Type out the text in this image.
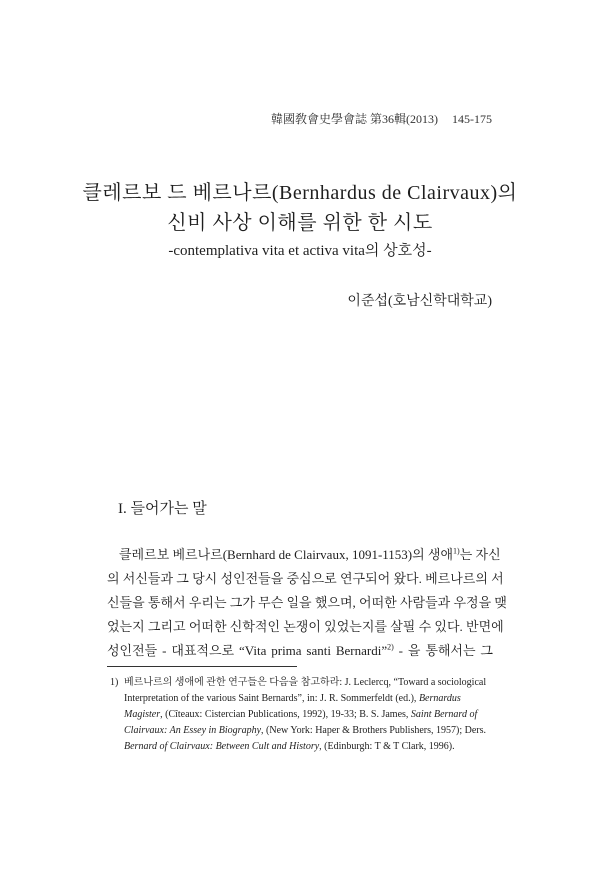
韓國敎會史學會誌 第36輯(2013) 145-175
클레르보 드 베르나르(Bernhardus de Clairvaux)의
신비 사상 이해를 위한 한 시도
-contemplativa vita et activa vita의 상호성-
이준섭(호남신학대학교)
I. 들어가는 말
클레르보 베르나르(Bernhard de Clairvaux, 1091-1153)의 생애$^{1)}$는 자신
의 서신들과 그 당시 성인전들을 중심으로 연구되어 왔다. 베르나르의 서
신들을 통해서 우리는 그가 무슨 일을 했으며, 어떠한 사람들과 우정을 맺
었는지 그리고 어떠한 신학적인 논쟁이 있었는지를 살필 수 있다. 반면에
성인전들 - 대표적으로 “Vita prima santi Bernardi”$^{2)}$ - 을 통해서는 그
1) 베르나르의 생애에 관한 연구들은 다음을 참고하라: J. Leclercq, “Toward a sociological
Interpretation of the various Saint Bernards”, in: J. R. Sommerfeldt (ed.), Bernardus
Magister, (Cîteaux: Cistercian Publications, 1992), 19-33; B. S. James, Saint Bernard of
Clairvaux: An Essey in Biography, (New York: Haper & Brothers Publishers, 1957); Ders.
Bernard of Clairvaux: Between Cult and History, (Edinburgh: T & T Clark, 1996).
